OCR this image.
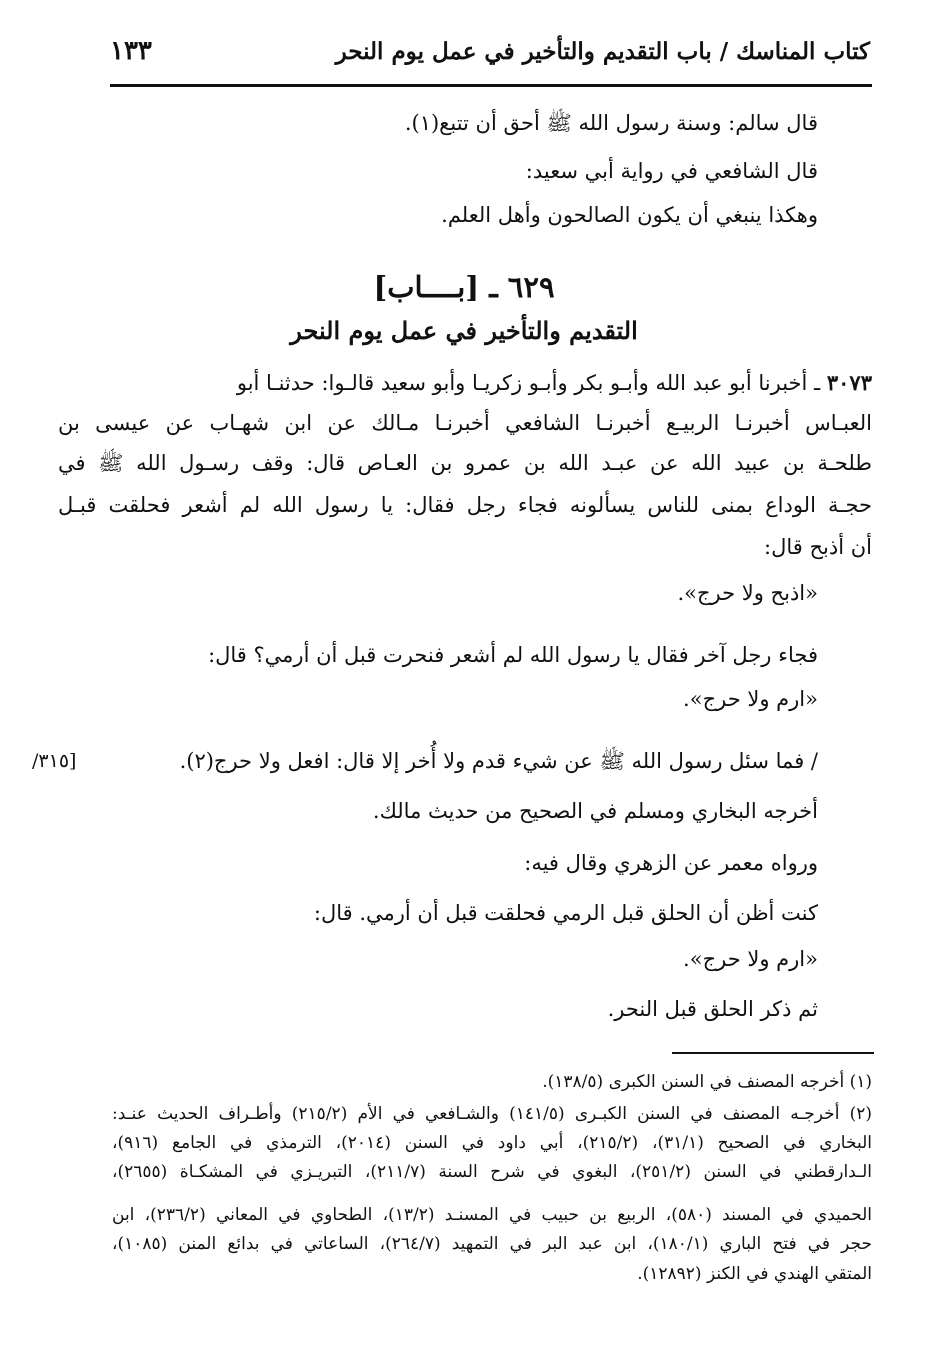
كتاب المناسك / باب التقديم والتأخير في عمل يوم النحر
١٣٣
قال سالم: وسنة رسول الله ﷺ أحق أن تتبع(١).
قال الشافعي في رواية أبي سعيد:
وهكذا ينبغي أن يكون الصالحون وأهل العلم.
٦٢٩ ـ [بــــاب]
التقديم والتأخير في عمل يوم النحر
٣٠٧٣ ـ أخبرنا أبو عبد الله وأبـو بكر وأبـو زكريـا وأبو سعيد قالـوا: حدثنـا أبو
العبـاس أخبرنـا الربيـع أخبرنـا الشافعي أخبرنـا مـالك عن ابن شهـاب عن عيسى بن
طلحـة بن عبيد الله عن عبـد الله بن عمرو بن العـاص قال: وقف رسـول الله ﷺ في
حجـة الوداع بمنى للناس يسألونه فجاء رجل فقال: يا رسول الله لم أشعر فحلقت قبـل
أن أذبح قال:
«اذبح ولا حرج».
فجاء رجل آخر فقال يا رسول الله لم أشعر فنحرت قبل أن أرمي؟ قال:
«ارم ولا حرج».
/ فما سئل رسول الله ﷺ عن شيء قدم ولا أُخر إلا قال: افعل ولا حرج(٢).
أخرجه البخاري ومسلم في الصحيح من حديث مالك.
ورواه معمر عن الزهري وقال فيه:
كنت أظن أن الحلق قبل الرمي فحلقت قبل أن أرمي. قال:
«ارم ولا حرج».
ثم ذكر الحلق قبل النحر.
[٣١٥/
(١) أخرجه المصنف في السنن الكبرى (١٣٨/٥).
(٢) أخرجـه المصنف في السنن الكبـرى (١٤١/٥) والشـافعي في الأم (٢١٥/٢) وأطـراف الحديث عنـد:
البخاري في الصحيح (٣١/١)، (٢١٥/٢)، أبي داود في السنن (٢٠١٤)، الترمذي في الجامع (٩١٦)،
الـدارقطني في السنن (٢٥١/٢)، البغوي في شرح السنة (٢١١/٧)، التبريـزي في المشكـاة (٢٦٥٥)،
الحميدي في المسند (٥٨٠)، الربيع بن حبيب في المسنـد (١٣/٢)، الطحاوي في المعاني (٢٣٦/٢)، ابن
حجر في فتح الباري (١٨٠/١)، ابن عبد البر في التمهيد (٢٦٤/٧)، الساعاتي في بدائع المنن (١٠٨٥)،
المتقي الهندي في الكنز (١٢٨٩٢).
